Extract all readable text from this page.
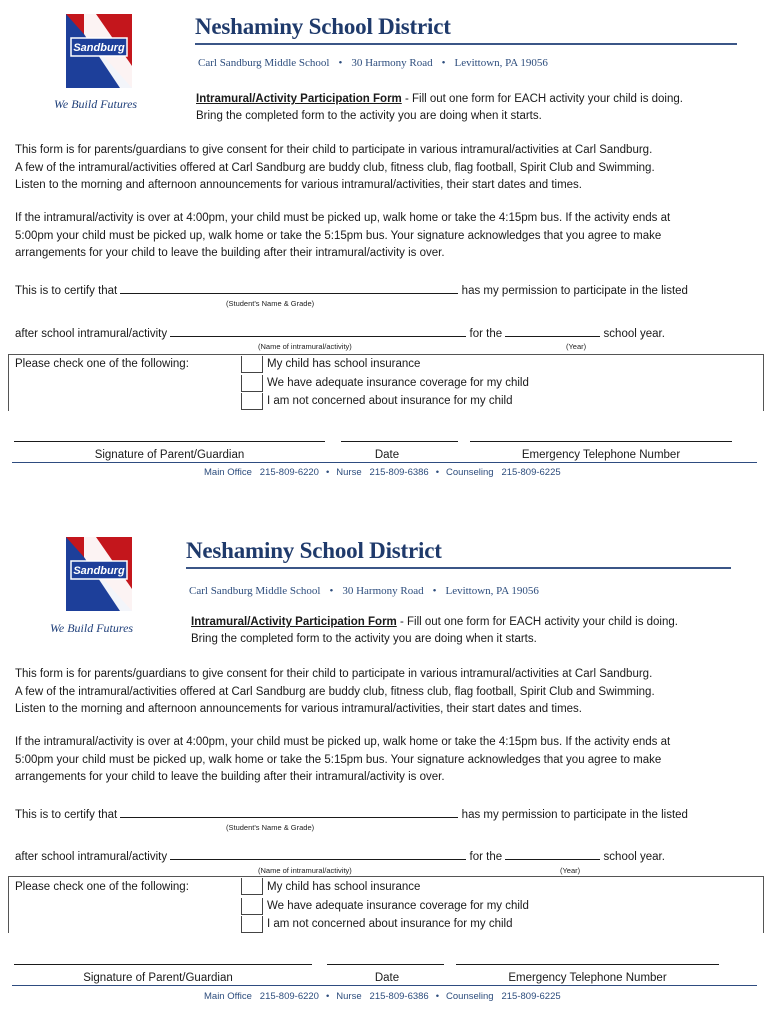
Sandburg
We Build Futures
Neshaminy School District
Carl Sandburg Middle School • 30 Harmony Road • Levittown, PA 19056
Intramural/Activity Participation Form - Fill out one form for EACH activity your child is doing.
Bring the completed form to the activity you are doing when it starts.
This form is for parents/guardians to give consent for their child to participate in various intramural/activities at Carl Sandburg.
A few of the intramural/activities offered at Carl Sandburg are buddy club, fitness club, flag football, Spirit Club and Swimming.
Listen to the morning and afternoon announcements for various intramural/activities, their start dates and times.
If the intramural/activity is over at 4:00pm, your child must be picked up, walk home or take the 4:15pm bus. If the activity ends at
5:00pm your child must be picked up, walk home or take the 5:15pm bus. Your signature acknowledges that you agree to make
arrangements for your child to leave the building after their intramural/activity is over.
This is to certify that	has my permission to participate in the listed
(Student's Name & Grade)
after school intramural/activity	for the	school year.
(Name of intramural/activity)	(Year)
Please check one of the following:	My child has school insurance
We have adequate insurance coverage for my child
I am not concerned about insurance for my child
Signature of Parent/Guardian	Date	Emergency Telephone Number
Main Office   215-809-6220 • Nurse   215-809-6386 • Counseling   215-809-6225
Sandburg
We Build Futures
Neshaminy School District
Carl Sandburg Middle School • 30 Harmony Road • Levittown, PA 19056
Intramural/Activity Participation Form - Fill out one form for EACH activity your child is doing.
Bring the completed form to the activity you are doing when it starts.
This form is for parents/guardians to give consent for their child to participate in various intramural/activities at Carl Sandburg.
A few of the intramural/activities offered at Carl Sandburg are buddy club, fitness club, flag football, Spirit Club and Swimming.
Listen to the morning and afternoon announcements for various intramural/activities, their start dates and times.
If the intramural/activity is over at 4:00pm, your child must be picked up, walk home or take the 4:15pm bus. If the activity ends at
5:00pm your child must be picked up, walk home or take the 5:15pm bus. Your signature acknowledges that you agree to make
arrangements for your child to leave the building after their intramural/activity is over.
This is to certify that	has my permission to participate in the listed
(Student's Name & Grade)
after school intramural/activity	for the	school year.
(Name of intramural/activity)	(Year)
Please check one of the following:	My child has school insurance
We have adequate insurance coverage for my child
I am not concerned about insurance for my child
Signature of Parent/Guardian	Date	Emergency Telephone Number
Main Office   215-809-6220 • Nurse   215-809-6386 • Counseling   215-809-6225
